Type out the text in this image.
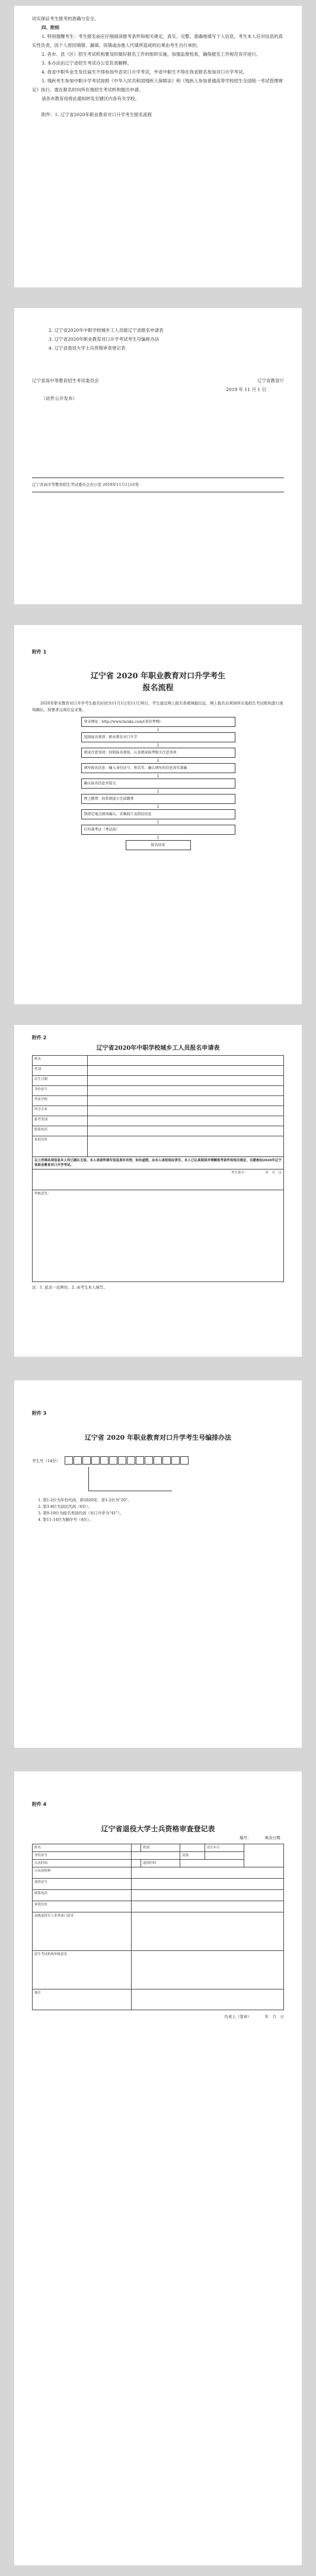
切实保证考生报考的准确与安全。

四、附则

1. 特别提醒考生：考生报名前应仔细阅读报考条件和相关规定，真实、完整、准确地填写个人信息，考生本人应对信息的真实性负责，因个人原因填错、漏填、误填或由他人代填所造成的后果由考生自行承担。

2. 各市、县（区）招生考试机构要及时做好报名工作的组织实施，加强监督检查，确保报名工作规范有序进行。

3. 本办法由辽宁省招生考试办公室负责解释。

4. 我省中职毕业生及往届生不得参加外省对口升学考试，外省中职生不得在我省报名参加对口升学考试。

5. 残疾考生参加中职升学考试按照《中华人民共和国残疾人保障法》和《残疾人参加普通高等学校招生全国统一考试管理规定》执行，需在报名时向所在地招生考试机构提出申请。

请各市教育局将此通知转发至辖区内各有关学校。

附件：1. 辽宁省2020年职业教育对口升学考生报名流程

2. 辽宁省2020年中职学校城乡工人员报辽宁省报名申请表

3. 辽宁省2020年职业教育对口升学考试考生号编排办法

4. 辽宁省退役大学士兵资格审查登记表

辽宁省高中等教育招生考试委员会	辽宁省教育厅

2019 年 11 月 1 日

（此件公开发布）

辽宁省高中等教育招生考试委员会办公室 2019年11月1日印发

附件 1

辽宁省 2020 年职业教育对口升学考生

报名流程

2020年职业教育对口升学考生报名时间为11月1日至11月30日，考生通过网上报名系统填报信息，网上报名后须到所在地招生考试机构进行现场确认，按要求完成信息采集。

登录网址：http://www.lnzsks.com/(省招考网)

↓

选择报名类别：职业教育对口升学

↓

阅读注意事项：按照报名须知，认真阅读报考相关注意事项

↓

填写报名信息：输入身份证号、姓名等，确认填写的信息真实准确

↓

确认报名信息并提交

↓

网上缴费：按系统提示完成缴费

↓

到指定地点现场确认，采集照片及指纹信息

↓

打印准考证（考试前）

↓

报名结束

附件 2

辽宁省2020年中职学校城乡工人员报名申请表

姓名	
性别	
出生日期	
身份证号	
毕业学校	
所学专业	
报考类别	
联系电话	
家庭住址	
以上所填各项信息本人均已确认无误，本人承诺所填写信息真实有效，如有虚假，由本人承担相应责任。本人已认真阅读并理解报考条件和相关规定，自愿参加2020年辽宁省职业教育对口升学考试。	
考生签字：　　　　　　年　月　日	
审核意见：	

注：1. 此表一式两份。2. 由考生本人填写。

附件 3

辽宁省 2020 年职业教育对口升学考生号编排办法

考生号（14位）

1. 第1-2位为年份代码，即2020年，第1-2位为"20"。

2. 第3-8位为县区代码（6位）。

3. 第9-10位为报名类别代码（对口升学为"41"）。

4. 第11-14位为顺序号（4位）。

附件 4

辽宁省退役大学士兵资格审查登记表

编号：　　　　填表日期：

姓名		性别		出生年月	
身份证号			民族		
入伍时间		退役时间			
入伍前院校					
退役证号					
联系电话					
家庭住址					
县级退役军人事务部门意见					
招生考试机构审核意见					
备注					

负责人（签章）　　　　年　月　日
